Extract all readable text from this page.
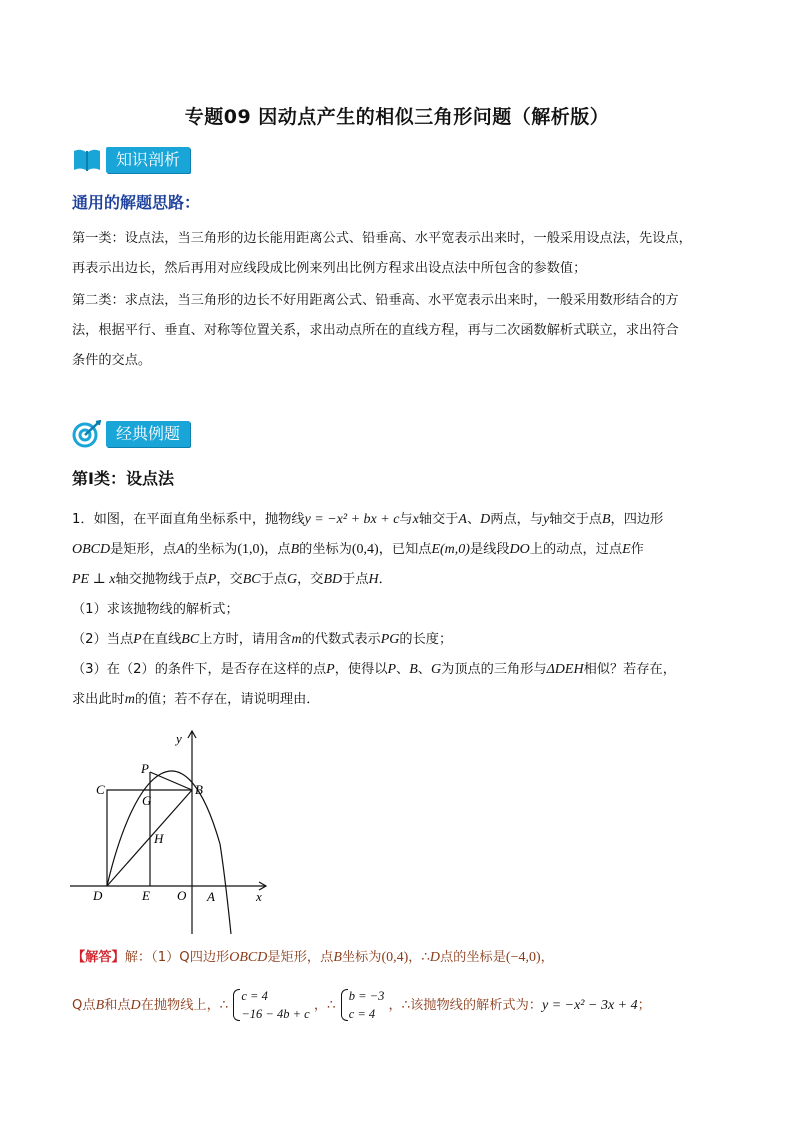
专题09 因动点产生的相似三角形问题（解析版）
知识剖析
通用的解题思路：
第一类：设点法，当三角形的边长能用距离公式、铅垂高、水平宽表示出来时，一般采用设点法，先设点，
再表示出边长，然后再用对应线段成比例来列出比例方程求出设点法中所包含的参数值；
第二类：求点法，当三角形的边长不好用距离公式、铅垂高、水平宽表示出来时，一般采用数形结合的方
法，根据平行、垂直、对称等位置关系，求出动点所在的直线方程，再与二次函数解析式联立，求出符合
条件的交点。
经典例题
第Ⅰ类：设点法
1．如图，在平面直角坐标系中，抛物线y = −x² + bx + c与x轴交于A、D两点，与y轴交于点B，四边形
OBCD是矩形，点A的坐标为(1,0)，点B的坐标为(0,4)，已知点E(m,0)是线段DO上的动点，过点E作
PE ⊥ x轴交抛物线于点P，交BC于点G，交BD于点H．
（1）求该抛物线的解析式；
（2）当点P在直线BC上方时，请用含m的代数式表示PG的长度；
（3）在（2）的条件下，是否存在这样的点P，使得以P、B、G为顶点的三角形与ΔDEH相似？若存在，
求出此时m的值；若不存在，请说明理由．
y
x
P
C
G
B
H
D	E O A
【解答】解：（1）Q四边形OBCD是矩形，点B坐标为(0,4)，∴D点的坐标是(−4,0)，
Q点B和点D在抛物线上，∴
c = 4
−16 − 4b + c
，∴
b = −3
c = 4
，∴该抛物线的解析式为：y = −x² − 3x + 4；
